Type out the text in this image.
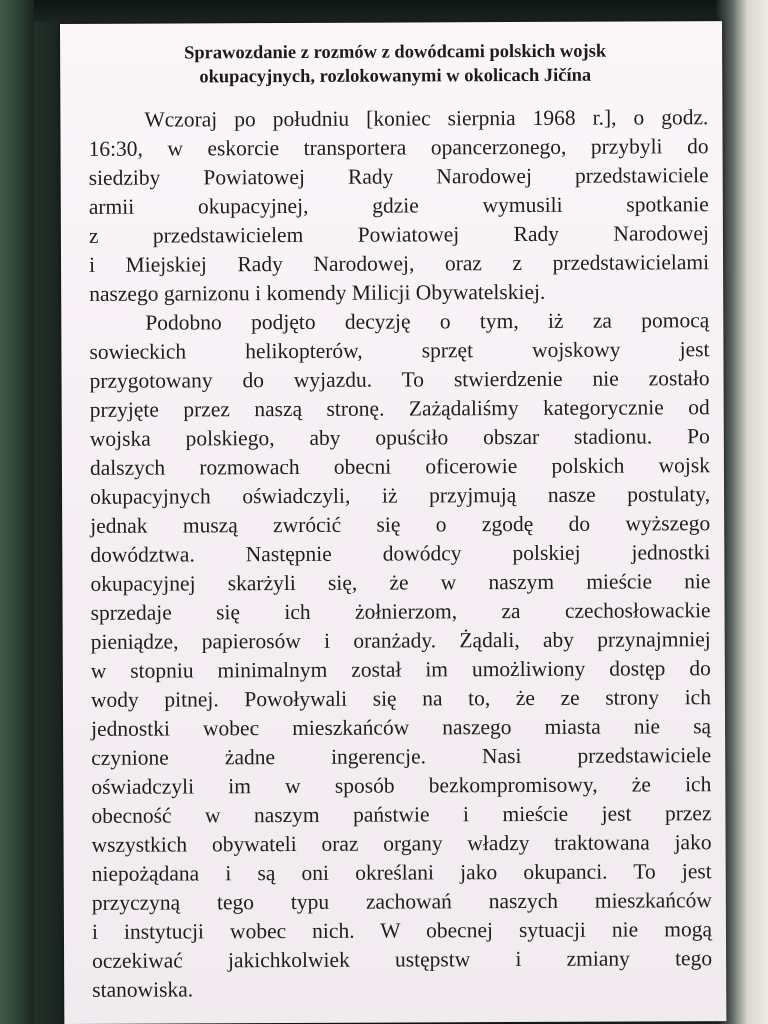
Sprawozdanie z rozmów z dowódcami polskich wojsk
okupacyjnych, rozlokowanymi w okolicach Jičína

Wczoraj po południu [koniec sierpnia 1968 r.], o godz.
16:30, w eskorcie transportera opancerzonego, przybyli do
siedziby Powiatowej Rady Narodowej przedstawiciele
armii okupacyjnej, gdzie wymusili spotkanie
z przedstawicielem Powiatowej Rady Narodowej
i Miejskiej Rady Narodowej, oraz z przedstawicielami
naszego garnizonu i komendy Milicji Obywatelskiej.

Podobno podjęto decyzję o tym, iż za pomocą
sowieckich helikopterów, sprzęt wojskowy jest
przygotowany do wyjazdu. To stwierdzenie nie zostało
przyjęte przez naszą stronę. Zażądaliśmy kategorycznie od
wojska polskiego, aby opuściło obszar stadionu. Po
dalszych rozmowach obecni oficerowie polskich wojsk
okupacyjnych oświadczyli, iż przyjmują nasze postulaty,
jednak muszą zwrócić się o zgodę do wyższego
dowództwa. Następnie dowódcy polskiej jednostki
okupacyjnej skarżyli się, że w naszym mieście nie
sprzedaje się ich żołnierzom, za czechosłowackie
pieniądze, papierosów i oranżady. Żądali, aby przynajmniej
w stopniu minimalnym został im umożliwiony dostęp do
wody pitnej. Powoływali się na to, że ze strony ich
jednostki wobec mieszkańców naszego miasta nie są
czynione żadne ingerencje. Nasi przedstawiciele
oświadczyli im w sposób bezkompromisowy, że ich
obecność w naszym państwie i mieście jest przez
wszystkich obywateli oraz organy władzy traktowana jako
niepożądana i są oni określani jako okupanci. To jest
przyczyną tego typu zachowań naszych mieszkańców
i instytucji wobec nich. W obecnej sytuacji nie mogą
oczekiwać jakichkolwiek ustępstw i zmiany tego
stanowiska.
